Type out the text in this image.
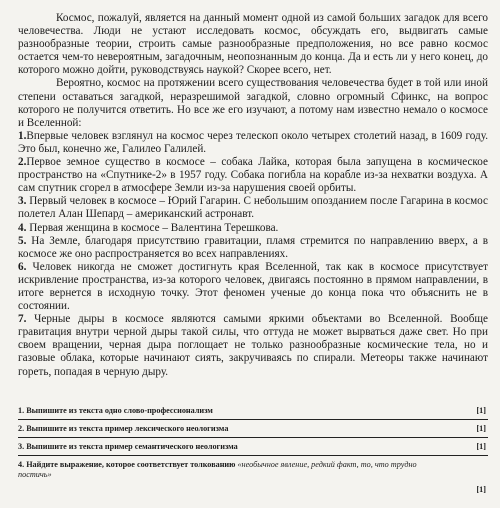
Космос, пожалуй, является на данный момент одной из самой больших загадок для всего человечества. Люди не устают исследовать космос, обсуждать его, выдвигать самые разнообразные теории, строить самые разнообразные предположения, но все равно космос остается чем-то невероятным, загадочным, неопознанным до конца. Да и есть ли у него конец, до которого можно дойти, руководствуясь наукой? Скорее всего, нет.

Вероятно, космос на протяжении всего существования человечества будет в той или иной степени оставаться загадкой, неразрешимой загадкой, словно огромный Сфинкс, на вопрос которого не получится ответить. Но все же его изучают, а потому нам известно немало о космосе и Вселенной:

1.Впервые человек взглянул на космос через телескоп около четырех столетий назад, в 1609 году. Это был, конечно же, Галилео Галилей.
2.Первое земное существо в космосе – собака Лайка, которая была запущена в космическое пространство на «Спутнике-2» в 1957 году. Собака погибла на корабле из-за нехватки воздуха. А сам спутник сгорел в атмосфере Земли из-за нарушения своей орбиты.
3. Первый человек в космосе – Юрий Гагарин. С небольшим опозданием после Гагарина в космос полетел Алан Шепард – американский астронавт.
4. Первая женщина в космосе – Валентина Терешкова.
5. На Земле, благодаря присутствию гравитации, пламя стремится по направлению вверх, а в космосе же оно распространяется во всех направлениях.
6. Человек никогда не сможет достигнуть края Вселенной, так как в космосе присутствует искривление пространства, из-за которого человек, двигаясь постоянно в прямом направлении, в итоге вернется в исходную точку. Этот феномен ученые до конца пока что объяснить не в состоянии.
7. Черные дыры в космосе являются самыми яркими объектами во Вселенной. Вообще гравитация внутри черной дыры такой силы, что оттуда не может вырваться даже свет. Но при своем вращении, черная дыра поглощает не только разнообразные космические тела, но и газовые облака, которые начинают сиять, закручиваясь по спирали. Метеоры также начинают гореть, попадая в черную дыру.
1. Выпишите из текста одно слово-профессионализм	[1]
2. Выпишите из текста пример лексического неологизма	[1]
3. Выпишите из текста пример семантического неологизма	[1]
4. Найдите выражение, которое соответствует толкованию «необычное явление, редкий факт, то, что трудно постичь»
[1]
